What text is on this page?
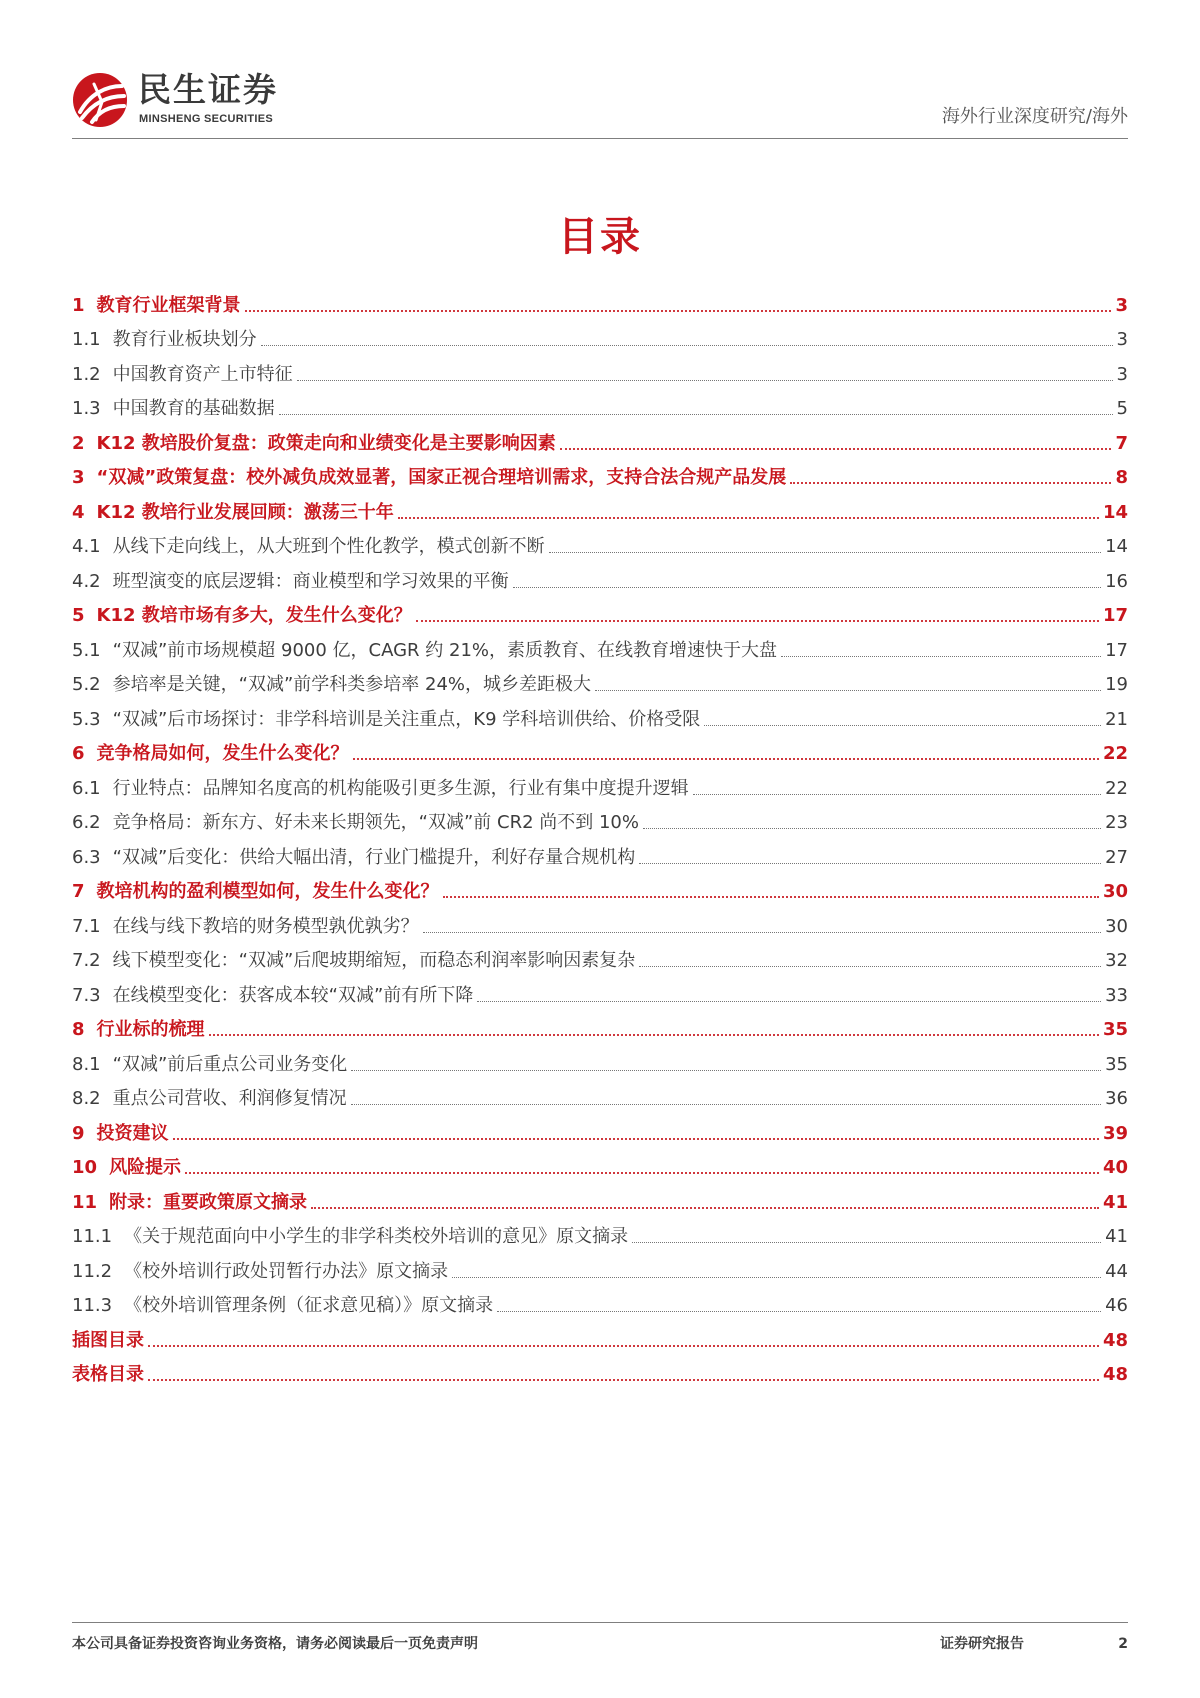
民生证券
MINSHENG SECURITIES	海外行业深度研究/海外
目录
1 教育行业框架背景	3
1.1 教育行业板块划分	3
1.2 中国教育资产上市特征	3
1.3 中国教育的基础数据	5
2 K12 教培股价复盘：政策走向和业绩变化是主要影响因素	7
3 “双减”政策复盘：校外减负成效显著，国家正视合理培训需求，支持合法合规产品发展	8
4 K12 教培行业发展回顾：激荡三十年	14
4.1 从线下走向线上，从大班到个性化教学，模式创新不断	14
4.2 班型演变的底层逻辑：商业模型和学习效果的平衡	16
5 K12 教培市场有多大，发生什么变化？	17
5.1 “双减”前市场规模超 9000 亿，CAGR 约 21%，素质教育、在线教育增速快于大盘	17
5.2 参培率是关键，“双减”前学科类参培率 24%，城乡差距极大	19
5.3 “双减”后市场探讨：非学科培训是关注重点，K9 学科培训供给、价格受限	21
6 竞争格局如何，发生什么变化？	22
6.1 行业特点：品牌知名度高的机构能吸引更多生源，行业有集中度提升逻辑	22
6.2 竞争格局：新东方、好未来长期领先，“双减”前 CR2 尚不到 10%	23
6.3 “双减”后变化：供给大幅出清，行业门槛提升，利好存量合规机构	27
7 教培机构的盈利模型如何，发生什么变化？	30
7.1 在线与线下教培的财务模型孰优孰劣？	30
7.2 线下模型变化：“双减”后爬坡期缩短，而稳态利润率影响因素复杂	32
7.3 在线模型变化：获客成本较“双减”前有所下降	33
8 行业标的梳理	35
8.1 “双减”前后重点公司业务变化	35
8.2 重点公司营收、利润修复情况	36
9 投资建议	39
10 风险提示	40
11 附录：重要政策原文摘录	41
11.1 《关于规范面向中小学生的非学科类校外培训的意见》原文摘录	41
11.2 《校外培训行政处罚暂行办法》原文摘录	44
11.3 《校外培训管理条例（征求意见稿）》原文摘录	46
插图目录	48
表格目录	48
本公司具备证券投资咨询业务资格，请务必阅读最后一页免责声明	证券研究报告	2
